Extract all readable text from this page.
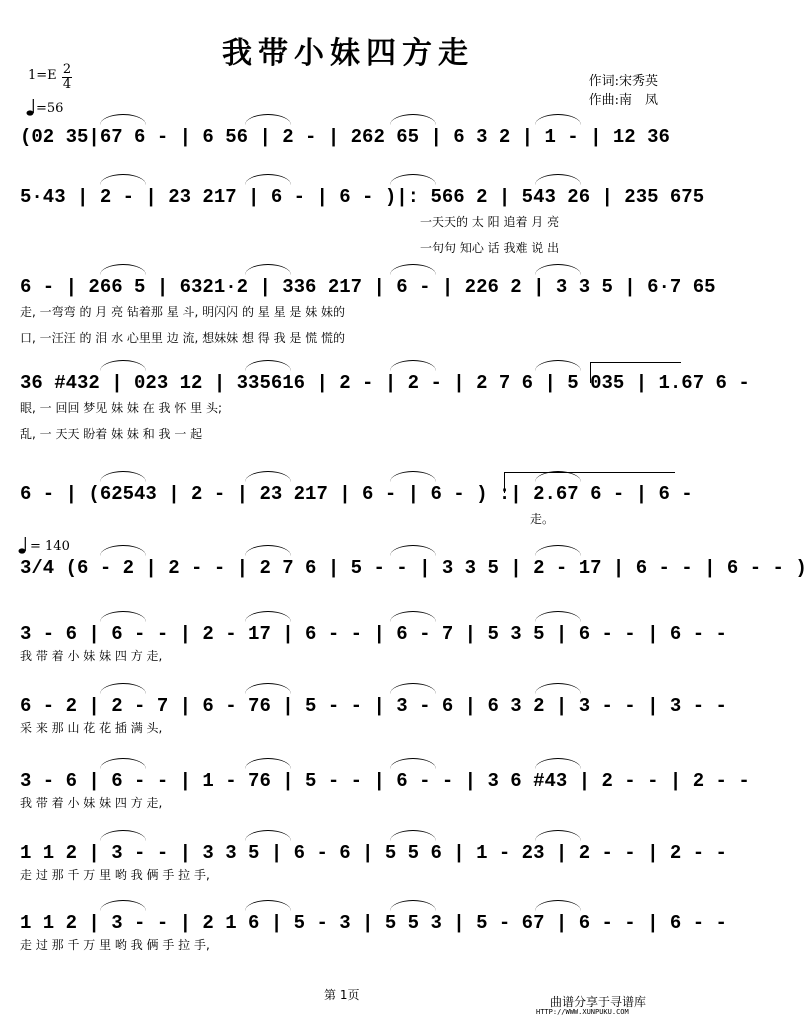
我带小妹四方走
1=E 2
4
=56
作词:宋秀英
作曲:南　凤
(02 35|67 6 - | 6 56 | 2 - | 262 65 | 6 3 2 | 1 - | 12 36
5·43 | 2 - | 23 217 | 6 - | 6 - )|: 566 2 | 543 26 | 235 675
一天天的 太 阳 追着 月 亮
一句句 知心 话 我难 说 出
6 - | 266 5 | 6321·2 | 336 217 | 6 - | 226 2 | 3 3 5 | 6·7 65
走, 一弯弯 的 月 亮 钻着那 星 斗, 明闪闪 的 星 星 是 妹 妹的
口, 一汪汪 的 泪 水 心里里 边 流, 想妹妹 想 得 我 是 慌 慌的
36 #432 | 023 12 | 335616 | 2 - | 2 - | 2 7 6 | 5 035 | 1.67 6 -
眼, 一 回回 梦见 妹 妹 在 我 怀 里 头;
乱, 一 天天 盼着 妹 妹 和 我 一 起
6 - | (62543 | 2 - | 23 217 | 6 - | 6 - ) :| 2.67 6 - | 6 -
走。
3/4 (6 - 2 | 2 - - | 2 7 6 | 5 - - | 3 3 5 | 2 - 17 | 6 - - | 6 - - )
= 140
3 - 6 | 6 - - | 2 - 17 | 6 - - | 6 - 7 | 5 3 5 | 6 - - | 6 - -
我 带 着 小 妹 妹 四 方 走,
6 - 2 | 2 - 7 | 6 - 76 | 5 - - | 3 - 6 | 6 3 2 | 3 - - | 3 - -
采 来 那 山 花 花 插 满 头,
3 - 6 | 6 - - | 1 - 76 | 5 - - | 6 - - | 3 6 #43 | 2 - - | 2 - -
我 带 着 小 妹 妹 四 方 走,
1 1 2 | 3 - - | 3 3 5 | 6 - 6 | 5 5 6 | 1 - 23 | 2 - - | 2 - -
走 过 那 千 万 里 哟 我 俩 手 拉 手,
1 1 2 | 3 - - | 2 1 6 | 5 - 3 | 5 5 3 | 5 - 67 | 6 - - | 6 - -
走 过 那 千 万 里 哟 我 俩 手 拉 手,
第 1页	曲谱分享于寻谱库
HTTP://WWW.XUNPUKU.COM
